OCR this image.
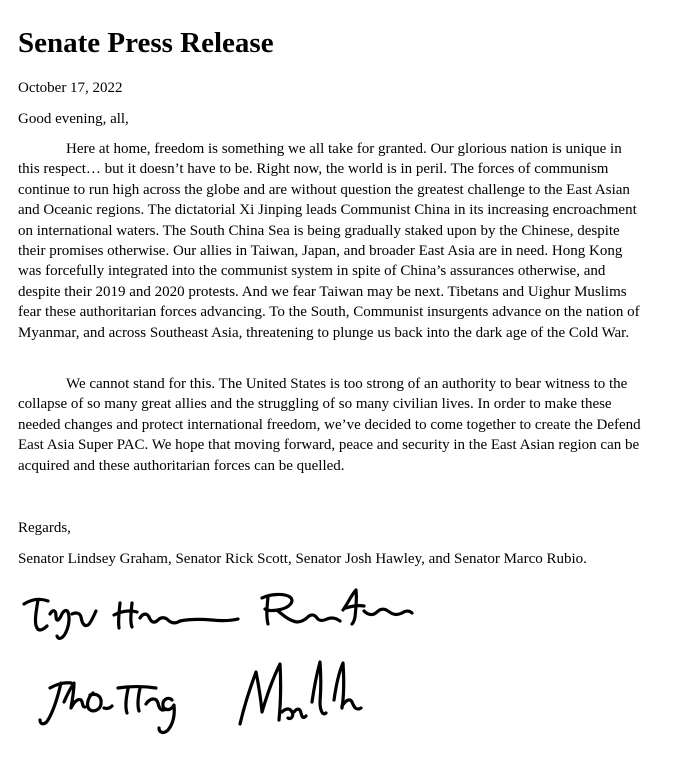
Senate Press Release

October 17, 2022

Good evening, all,

Here at home, freedom is something we all take for granted. Our glorious nation is unique in this respect… but it doesn’t have to be. Right now, the world is in peril. The forces of communism continue to run high across the globe and are without question the greatest challenge to the East Asian and Oceanic regions. The dictatorial Xi Jinping leads Communist China in its increasing encroachment on international waters. The South China Sea is being gradually staked upon by the Chinese, despite their promises otherwise. Our allies in Taiwan, Japan, and broader East Asia are in need. Hong Kong was forcefully integrated into the communist system in spite of China’s assurances otherwise, and despite their 2019 and 2020 protests. And we fear Taiwan may be next. Tibetans and Uighur Muslims fear these authoritarian forces advancing. To the South, Communist insurgents advance on the nation of Myanmar, and across Southeast Asia, threatening to plunge us back into the dark age of the Cold War.

We cannot stand for this. The United States is too strong of an authority to bear witness to the collapse of so many great allies and the struggling of so many civilian lives. In order to make these needed changes and protect international freedom, we’ve decided to come together to create the Defend East Asia Super PAC. We hope that moving forward, peace and security in the East Asian region can be acquired and these authoritarian forces can be quelled.

Regards,

Senator Lindsey Graham, Senator Rick Scott, Senator Josh Hawley, and Senator Marco Rubio.
